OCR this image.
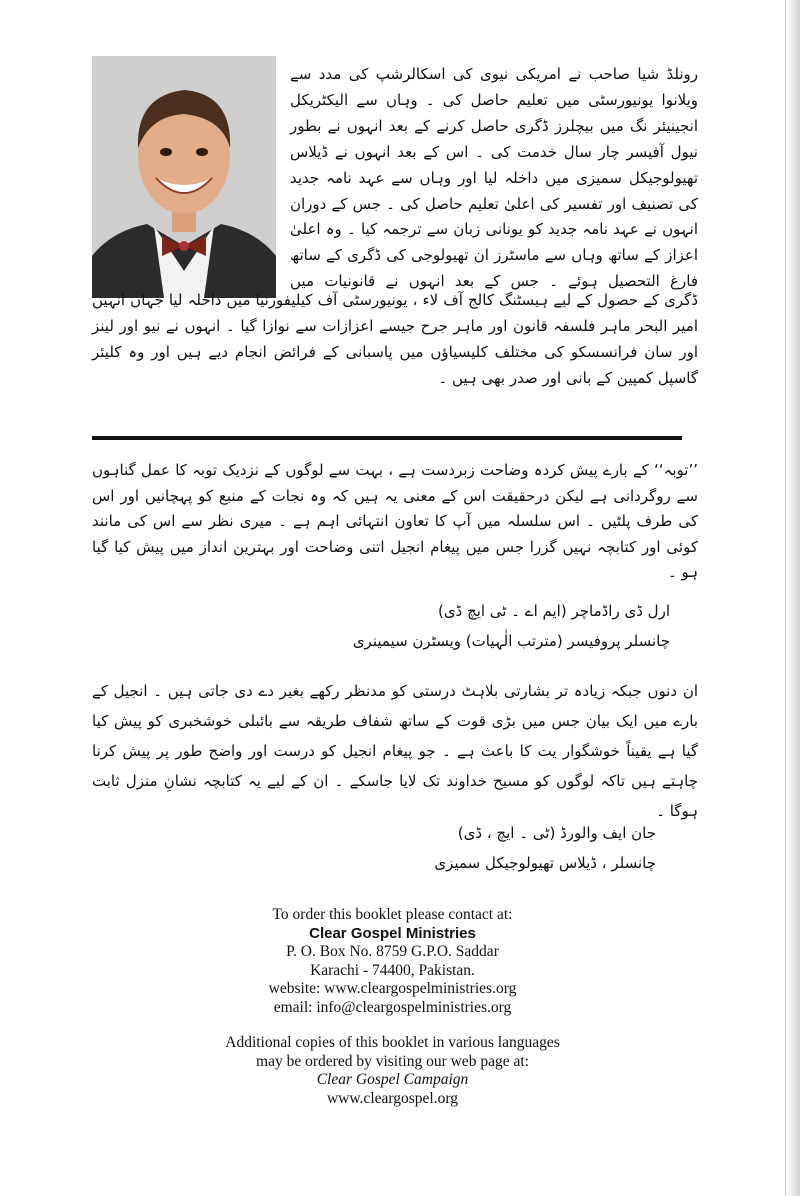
رونلڈ شیا صاحب نے امریکی نیوی کی اسکالرشپ کی مدد سے ویلانوا یونیورسٹی میں تعلیم حاصل کی ۔ وہاں سے الیکٹریکل انجینیئر نگ میں بیچلرز ڈگری حاصل کرنے کے بعد انہوں نے بطور نیول آفیسر چار سال خدمت کی ۔ اس کے بعد انہوں نے ڈیلاس تھیولوجیکل سمیزی میں داخلہ لیا اور وہاں سے عہد نامہ جدید کی تصنیف اور تفسیر کی اعلیٰ تعلیم حاصل کی ۔ جس کے دوران انہوں نے عہد نامہ جدید کو یونانی زبان سے ترجمہ کیا ۔ وہ اعلیٰ اعزاز کے ساتھ وہاں سے ماسٹرز ان تھیولوجی کی ڈگری کے ساتھ فارغ التحصیل ہوئے ۔ جس کے بعد انہوں نے قانونیات میں

ڈگری کے حصول کے لیے ہیسٹنگ کالج آف لاء ، یونیورسٹی آف کیلیفورنیا میں داخلہ لیا جہاں انہیں امیر البحر ماہر فلسفہ قانون اور ماہر جرح جیسے اعزازات سے نوازا گیا ۔ انہوں نے نیو اور لینز اور سان فرانسسکو کی مختلف کلیسیاؤں میں پاسبانی کے فرائض انجام دیے ہیں اور وہ کلیئر گاسپل کمپین کے بانی اور صدر بھی ہیں ۔

’’توبہ‘‘ کے بارے پیش کردہ وضاحت زبردست ہے ، بہت سے لوگوں کے نزدیک توبہ کا عمل گناہوں سے روگردانی ہے لیکن درحقیقت اس کے معنی یہ ہیں کہ وہ نجات کے منبع کو پہچانیں اور اس کی طرف پلٹیں ۔ اس سلسلہ میں آپ کا تعاون انتہائی اہم ہے ۔ میری نظر سے اس کی مانند کوئی اور کتابچہ نہیں گزرا جس میں پیغام انجیل اتنی وضاحت اور بہترین انداز میں پیش کیا گیا ہو ۔

ارل ڈی راڈماچر (ایم اے ۔ ٹی ایچ ڈی)
چانسلر پروفیسر (مترتب الٰہیات) ویسٹرن سیمینری

ان دنوں جبکہ زیادہ تر بشارتی بلاہٹ درستی کو مدنظر رکھے بغیر دے دی جاتی ہیں ۔ انجیل کے بارے میں ایک بیان جس میں بڑی قوت کے ساتھ شفاف طریقہ سے بائبلی خوشخبری کو پیش کیا گیا ہے یقیناً خوشگوار یت کا باعث ہے ۔ جو پیغام انجیل کو درست اور واضح طور پر پیش کرنا چاہتے ہیں تاکہ لوگوں کو مسیح خداوند تک لایا جاسکے ۔ ان کے لیے یہ کتابچہ نشانِ منزل ثابت ہوگا ۔

جان ایف والورڈ (ٹی ۔ ایچ ، ڈی)
چانسلر ، ڈیلاس تھیولوجیکل سمیزی
To order this booklet please contact at:
Clear Gospel Ministries
P. O. Box No. 8759 G.P.O. Saddar
Karachi - 74400, Pakistan.
website: www.cleargospelministries.org
email: info@cleargospelministries.org
Additional copies of this booklet in various languages
may be ordered by visiting our web page at:
Clear Gospel Campaign
www.cleargospel.org
